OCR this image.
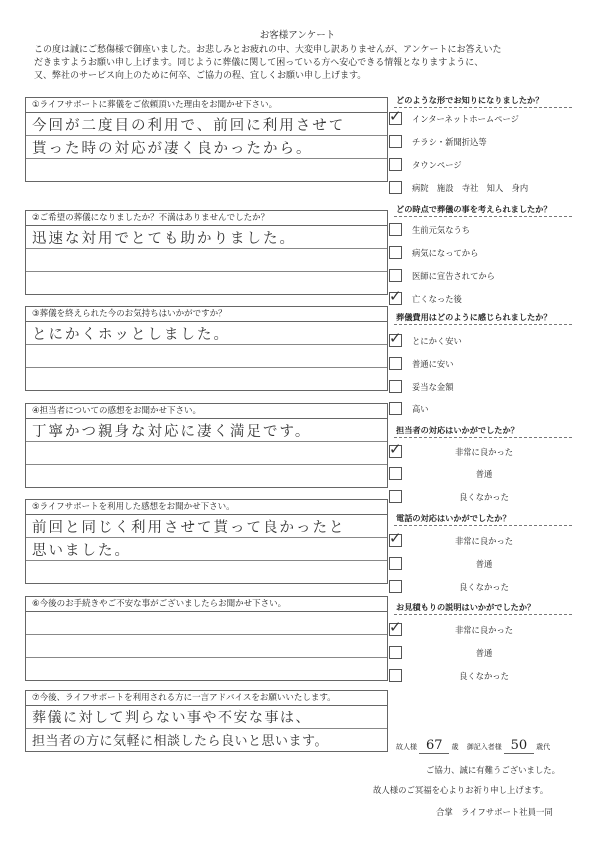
お客様アンケート
この度は誠にご愁傷様で御座いました。お悲しみとお疲れの中、大変申し訳ありませんが、アンケートにお答えいた
だきますようお願い申し上げます。同じように葬儀に関して困っている方へ安心できる情報となりますように、
又、弊社のサービス向上のために何卒、ご協力の程、宜しくお願い申し上げます。
①ライフサポートに葬儀をご依頼頂いた理由をお聞かせ下さい。
今回が二度目の利用で、前回に利用させて
貰った時の対応が凄く良かったから。
②ご希望の葬儀になりましたか？不満はありませんでしたか？
迅速な対用でとても助かりました。
③葬儀を終えられた今のお気持ちはいかがですか？
とにかくホッとしました。
④担当者についての感想をお聞かせ下さい。
丁寧かつ親身な対応に凄く満足です。
⑤ライフサポートを利用した感想をお聞かせ下さい。
前回と同じく利用させて貰って良かったと
思いました。
⑥今後のお手続きやご不安な事がございましたらお聞かせ下さい。
⑦今後、ライフサポートを利用される方に一言アドバイスをお願いいたします。
葬儀に対して判らない事や不安な事は、
担当者の方に気軽に相談したら良いと思います。
どのような形でお知りになりましたか？
✓ インターネットホームページ
チラシ・新聞折込等
タウンページ
病院　施設　寺社　知人　身内
どの時点で葬儀の事を考えられましたか？
生前元気なうち
病気になってから
医師に宣告されてから
✓ 亡くなった後
葬儀費用はどのように感じられましたか？
✓ とにかく安い
普通に安い
妥当な金額
高い
担当者の対応はいかがでしたか？
✓	非常に良かった
普通
良くなかった
電話の対応はいかがでしたか？
✓	非常に良かった
普通
良くなかった
お見積もりの説明はいかがでしたか？
✓	非常に良かった
普通
良くなかった
故人様 67 歳 御記入者様 50 歳代
ご協力、誠に有難うございました。
故人様のご冥福を心よりお祈り申し上げます。
合掌　ライフサポート社員一同
